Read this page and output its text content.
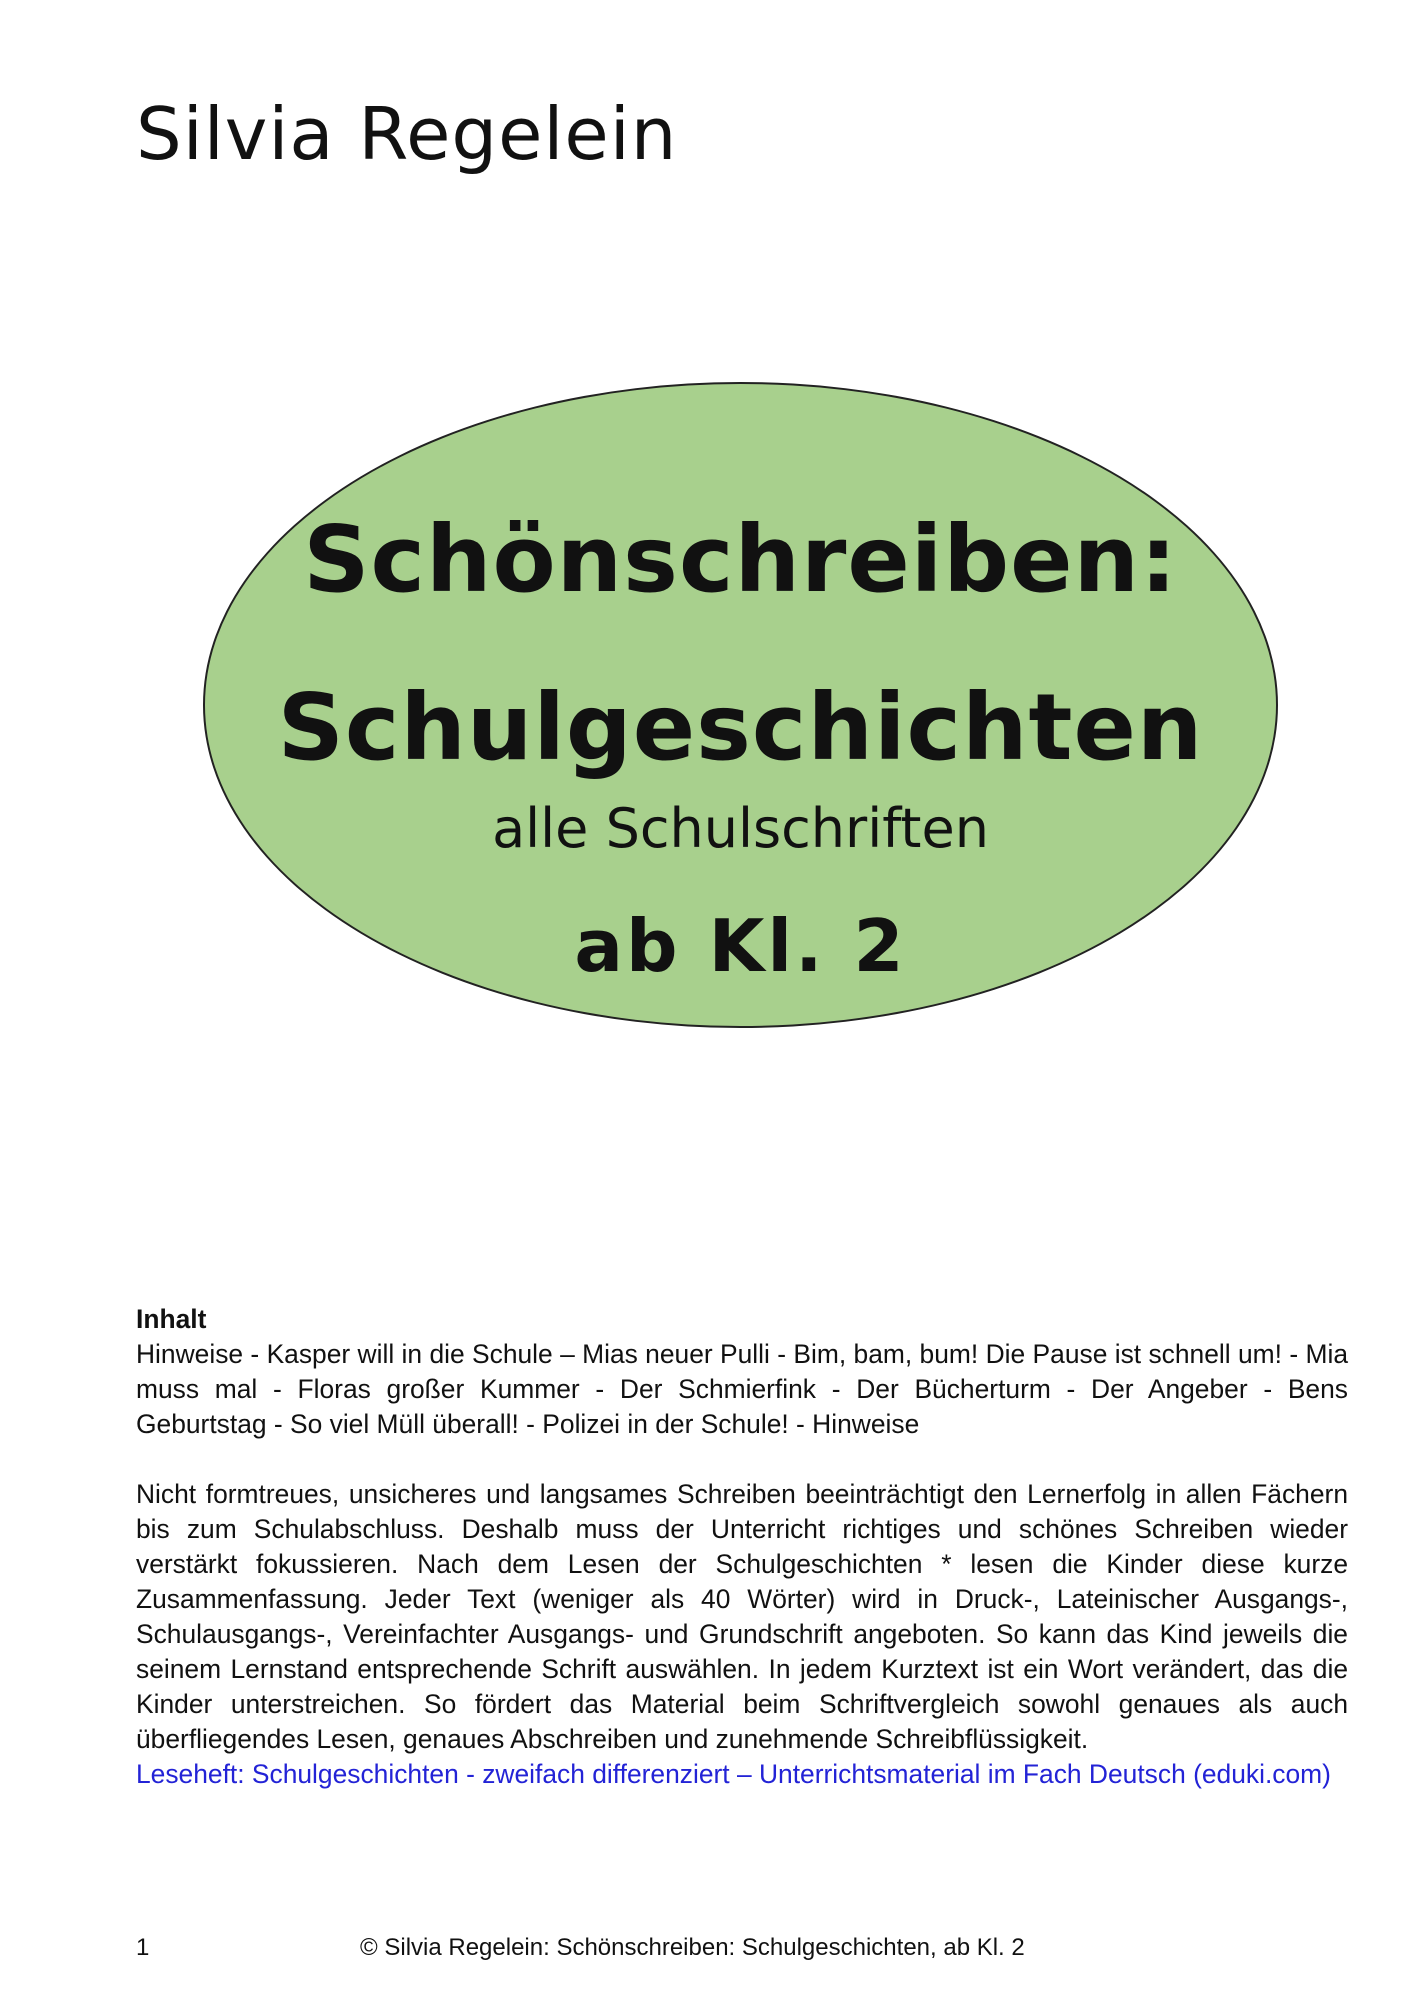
Silvia Regelein
Schönschreiben:
Schulgeschichten
alle Schulschriften
ab Kl. 2
Inhalt

Hinweise - Kasper will in die Schule – Mias neuer Pulli - Bim, bam, bum! Die Pause ist schnell um! - Mia muss mal - Floras großer Kummer - Der Schmierfink - Der Bücherturm - Der Angeber - Bens Geburtstag - So viel Müll überall! - Polizei in der Schule! - Hinweise

Nicht formtreues, unsicheres und langsames Schreiben beeinträchtigt den Lernerfolg in allen Fächern bis zum Schulabschluss. Deshalb muss der Unterricht richtiges und schönes Schreiben wieder verstärkt fokussieren. Nach dem Lesen der Schulgeschichten * lesen die Kinder diese kurze Zusammenfassung. Jeder Text (weniger als 40 Wörter) wird in Druck-, Lateinischer Ausgangs-, Schulausgangs-, Vereinfachter Ausgangs- und Grundschrift angeboten. So kann das Kind jeweils die seinem Lernstand entsprechende Schrift auswählen. In jedem Kurztext ist ein Wort verändert, das die Kinder unterstreichen. So fördert das Material beim Schriftvergleich sowohl genaues als auch überfliegendes Lesen, genaues Abschreiben und zunehmende Schreibflüssigkeit.

Leseheft: Schulgeschichten - zweifach differenziert – Unterrichtsmaterial im Fach Deutsch (eduki.com)
1	© Silvia Regelein: Schönschreiben: Schulgeschichten, ab Kl. 2
